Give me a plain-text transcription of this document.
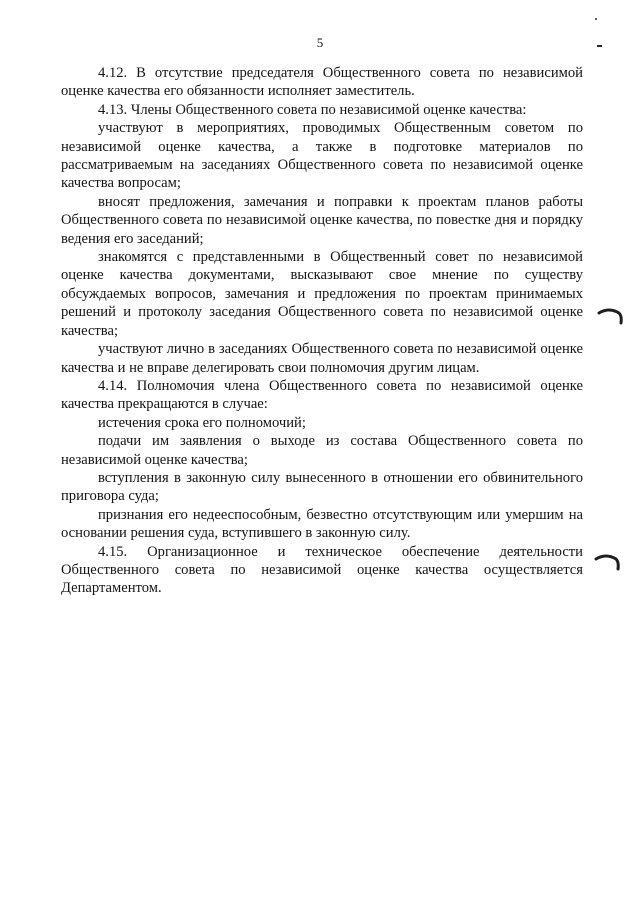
5

4.12. В отсутствие председателя Общественного совета по независимой оценке качества его обязанности исполняет заместитель.

4.13. Члены Общественного совета по независимой оценке качества:

участвуют в мероприятиях, проводимых Общественным советом по независимой оценке качества, а также в подготовке материалов по рассматриваемым на заседаниях Общественного совета по независимой оценке качества вопросам;

вносят предложения, замечания и поправки к проектам планов работы Общественного совета по независимой оценке качества, по повестке дня и порядку ведения его заседаний;

знакомятся с представленными в Общественный совет по независимой оценке качества документами, высказывают свое мнение по существу обсуждаемых вопросов, замечания и предложения по проектам принимаемых решений и протоколу заседания Общественного совета по независимой оценке качества;

участвуют лично в заседаниях Общественного совета по независимой оценке качества и не вправе делегировать свои полномочия другим лицам.

4.14. Полномочия члена Общественного совета по независимой оценке качества прекращаются в случае:

истечения срока его полномочий;

подачи им заявления о выходе из состава Общественного совета по независимой оценке качества;

вступления в законную силу вынесенного в отношении его обвинительного приговора суда;

признания его недееспособным, безвестно отсутствующим или умершим на основании решения суда, вступившего в законную силу.

4.15. Организационное и техническое обеспечение деятельности Общественного совета по независимой оценке качества осуществляется Департаментом.
